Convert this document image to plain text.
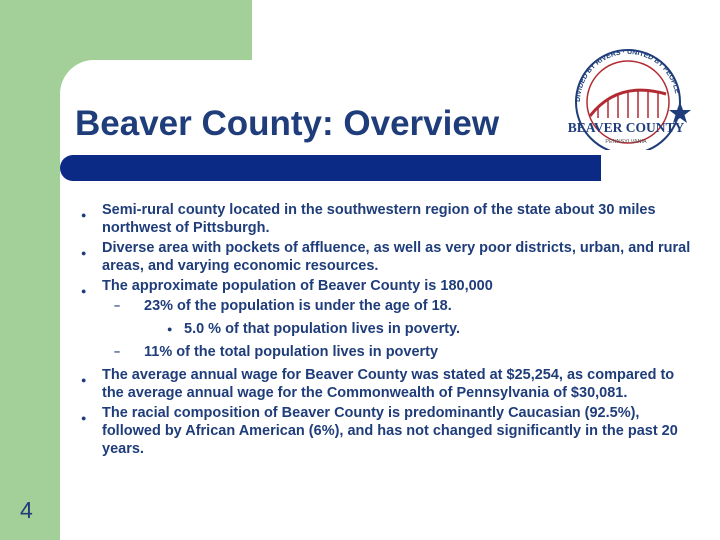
Beaver County: Overview
DIVIDED BY RIVERS · UNITED BY PEOPLE
BEAVER COUNTY
PENNSYLVANIA
● Semi-rural county located in the southwestern region of the state about 30 miles northwest of Pittsburgh.
● Diverse area with pockets of affluence, as well as very poor districts, urban, and rural areas, and varying economic resources.
● The approximate population of Beaver County is 180,000
– 23% of the population is under the age of 18.
● 5.0 % of that population lives in poverty.
– 11% of the total population lives in poverty
● The average annual wage for Beaver County was stated at $25,254, as compared to the average annual wage for the Commonwealth of Pennsylvania of $30,081.
● The racial composition of Beaver County is predominantly Caucasian (92.5%), followed by African American (6%), and has not changed significantly in the past 20 years.
4
